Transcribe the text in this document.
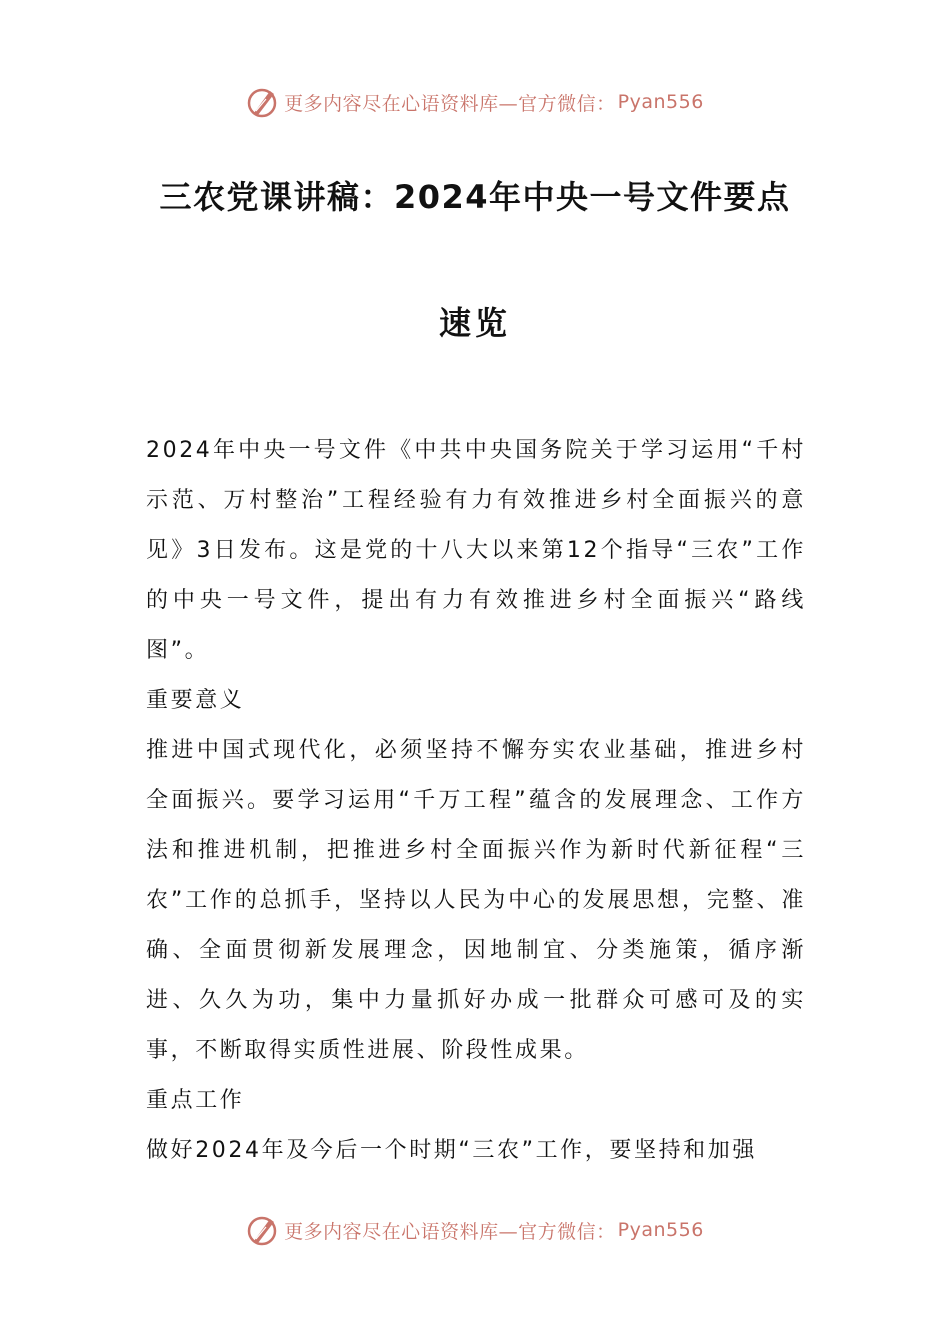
更多内容尽在心语资料库—官方微信： Pyan556
三农党课讲稿：2024年中央一号文件要点
速览

2024年中央一号文件《中共中央国务院关于学习运用“千村示范、万村整治”工程经验有力有效推进乡村全面振兴的意见》3日发布。这是党的十八大以来第12个指导“三农”工作的中央一号文件，提出有力有效推进乡村全面振兴“路线图”。

重要意义

推进中国式现代化，必须坚持不懈夯实农业基础，推进乡村全面振兴。要学习运用“千万工程”蕴含的发展理念、工作方法和推进机制，把推进乡村全面振兴作为新时代新征程“三农”工作的总抓手，坚持以人民为中心的发展思想，完整、准确、全面贯彻新发展理念，因地制宜、分类施策，循序渐进、久久为功，集中力量抓好办成一批群众可感可及的实事，不断取得实质性进展、阶段性成果。

重点工作

做好2024年及今后一个时期“三农”工作，要坚持和加强

更多内容尽在心语资料库—官方微信： Pyan556
